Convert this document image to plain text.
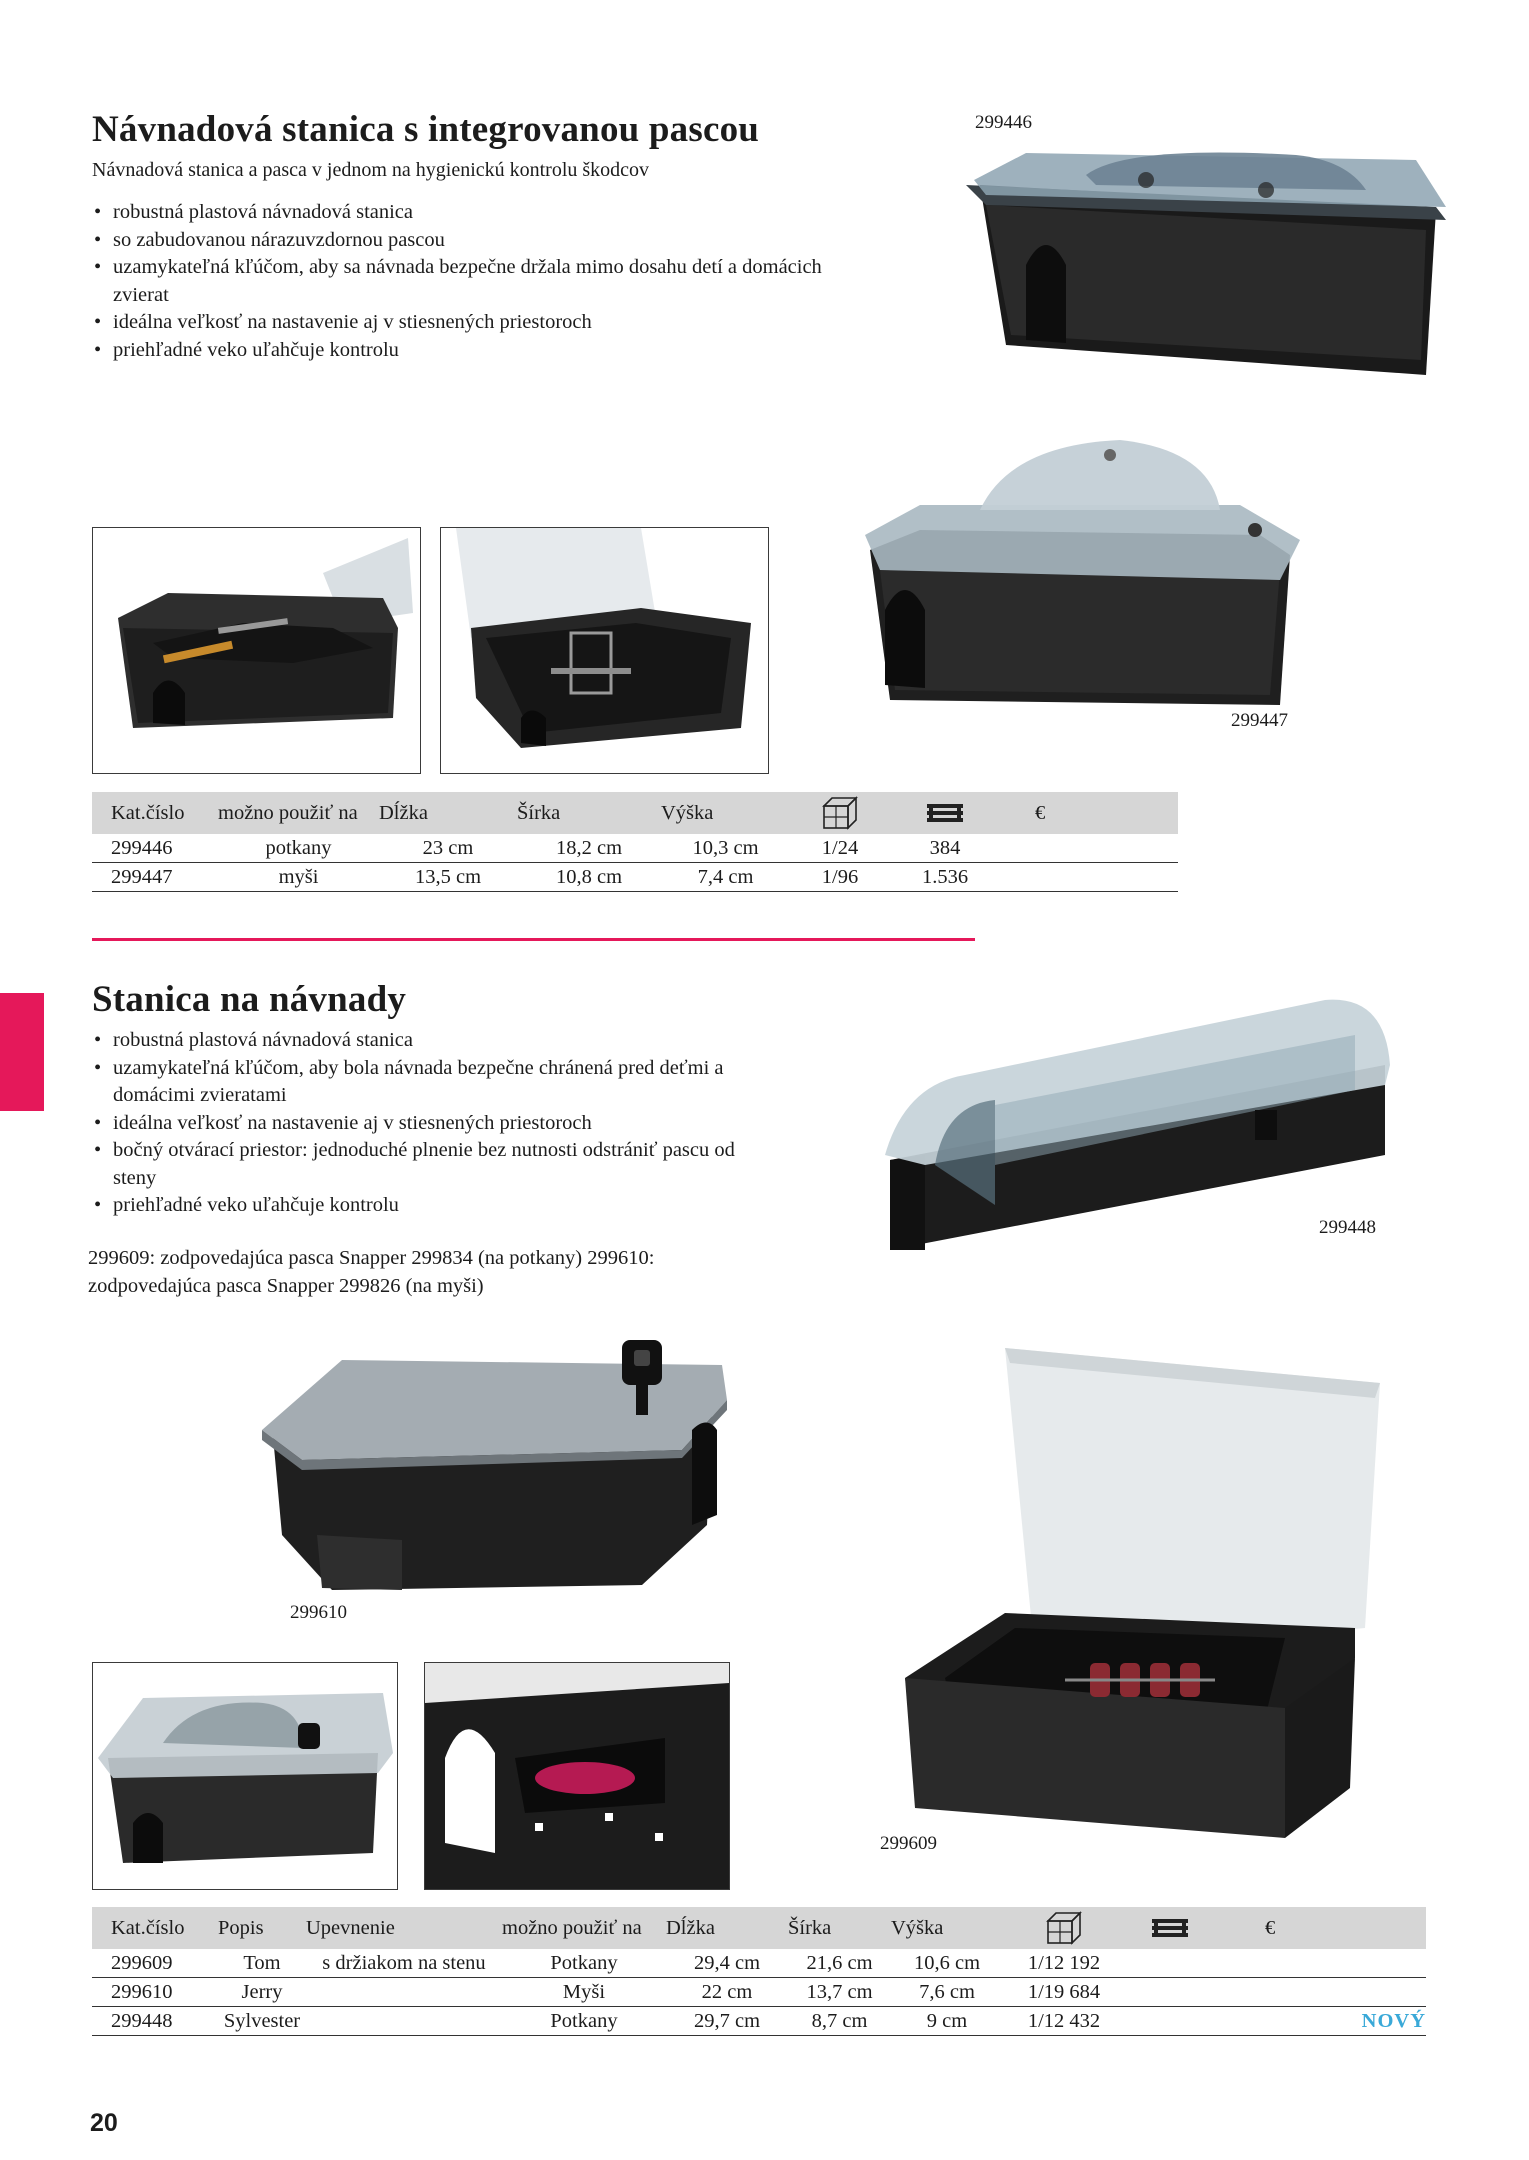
Návnadová stanica s integrovanou pascou
Návnadová stanica a pasca v jednom na hygienickú kontrolu škodcov
• robustná plastová návnadová stanica
• so zabudovanou nárazuvzdornou pascou
• uzamykateľná kľúčom, aby sa návnada bezpečne držala mimo dosahu detí a domácich zvierat
• ideálna veľkosť na nastavenie aj v stiesnených priestoroch
• priehľadné veko uľahčuje kontrolu
299446
299447
Kat.číslo	možno použiť na	Dĺžka	Šírka	Výška			€
299446	potkany	23 cm	18,2 cm	10,3 cm	1/24	384	
299447	myši	13,5 cm	10,8 cm	7,4 cm	1/96	1.536	
Stanica na návnady
• robustná plastová návnadová stanica
• uzamykateľná kľúčom, aby bola návnada bezpečne chránená pred deťmi a domácimi zvieratami
• ideálna veľkosť na nastavenie aj v stiesnených priestoroch
• bočný otvárací priestor: jednoduché plnenie bez nutnosti odstrániť pascu od steny
• priehľadné veko uľahčuje kontrolu
299609: zodpovedajúca pasca Snapper 299834 (na potkany) 299610: zodpovedajúca pasca Snapper 299826 (na myši)
299448
299610
299609
Kat.číslo	Popis	Upevnenie	možno použiť na	Dĺžka	Šírka	Výška			€
299609	Tom	s držiakom na stenu	Potkany	29,4 cm	21,6 cm	10,6 cm	1/12 192		
299610	Jerry		Myši	22 cm	13,7 cm	7,6 cm	1/19 684		
299448	Sylvester		Potkany	29,7 cm	8,7 cm	9 cm	1/12 432		NOVÝ
20
